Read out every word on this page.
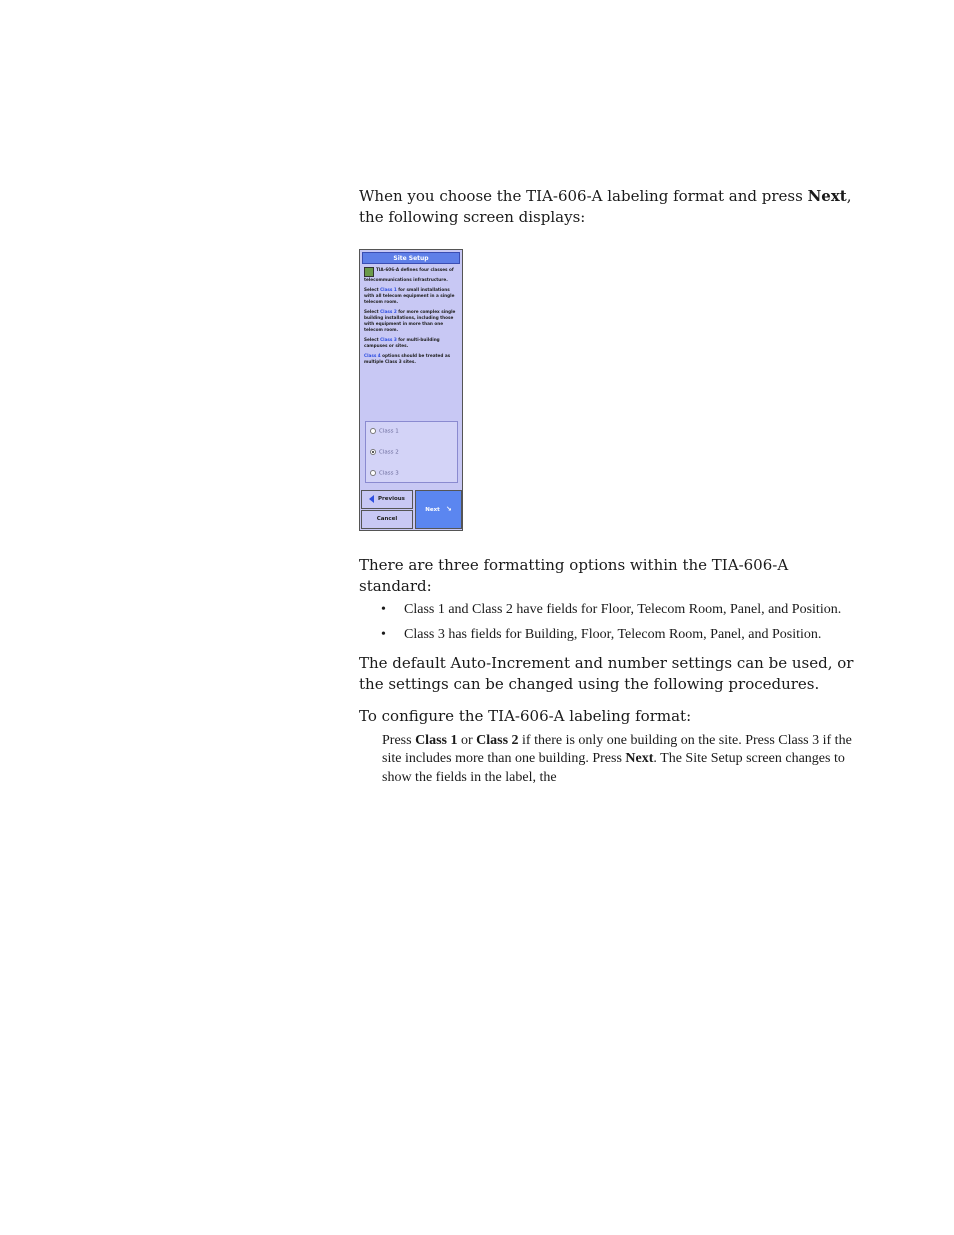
When you choose the TIA-606-A labeling format and press Next, the following screen displays:

Site Setup

TIA-606-A defines four classes of telecommunications infrastructure.

Select Class 1 for small installations with all telecom equipment in a single telecom room.

Select Class 2 for more complex single building installations, including those with equipment in more than one telecom room.

Select Class 3 for multi-building campuses or sites.

Class 4 options should be treated as multiple Class 3 sites.

Class 1
Class 2
Class 3
Previous
Cancel
Next ↘

There are three formatting options within the TIA-606-A standard:

• Class 1 and Class 2 have fields for Floor, Telecom Room, Panel, and Position.
• Class 3 has fields for Building, Floor, Telecom Room, Panel, and Position.

The default Auto-Increment and number settings can be used, or the settings can be changed using the following procedures.

To configure the TIA-606-A labeling format:

Press Class 1 or Class 2 if there is only one building on the site. Press Class 3 if the site includes more than one building. Press Next. The Site Setup screen changes to show the fields in the label, the
